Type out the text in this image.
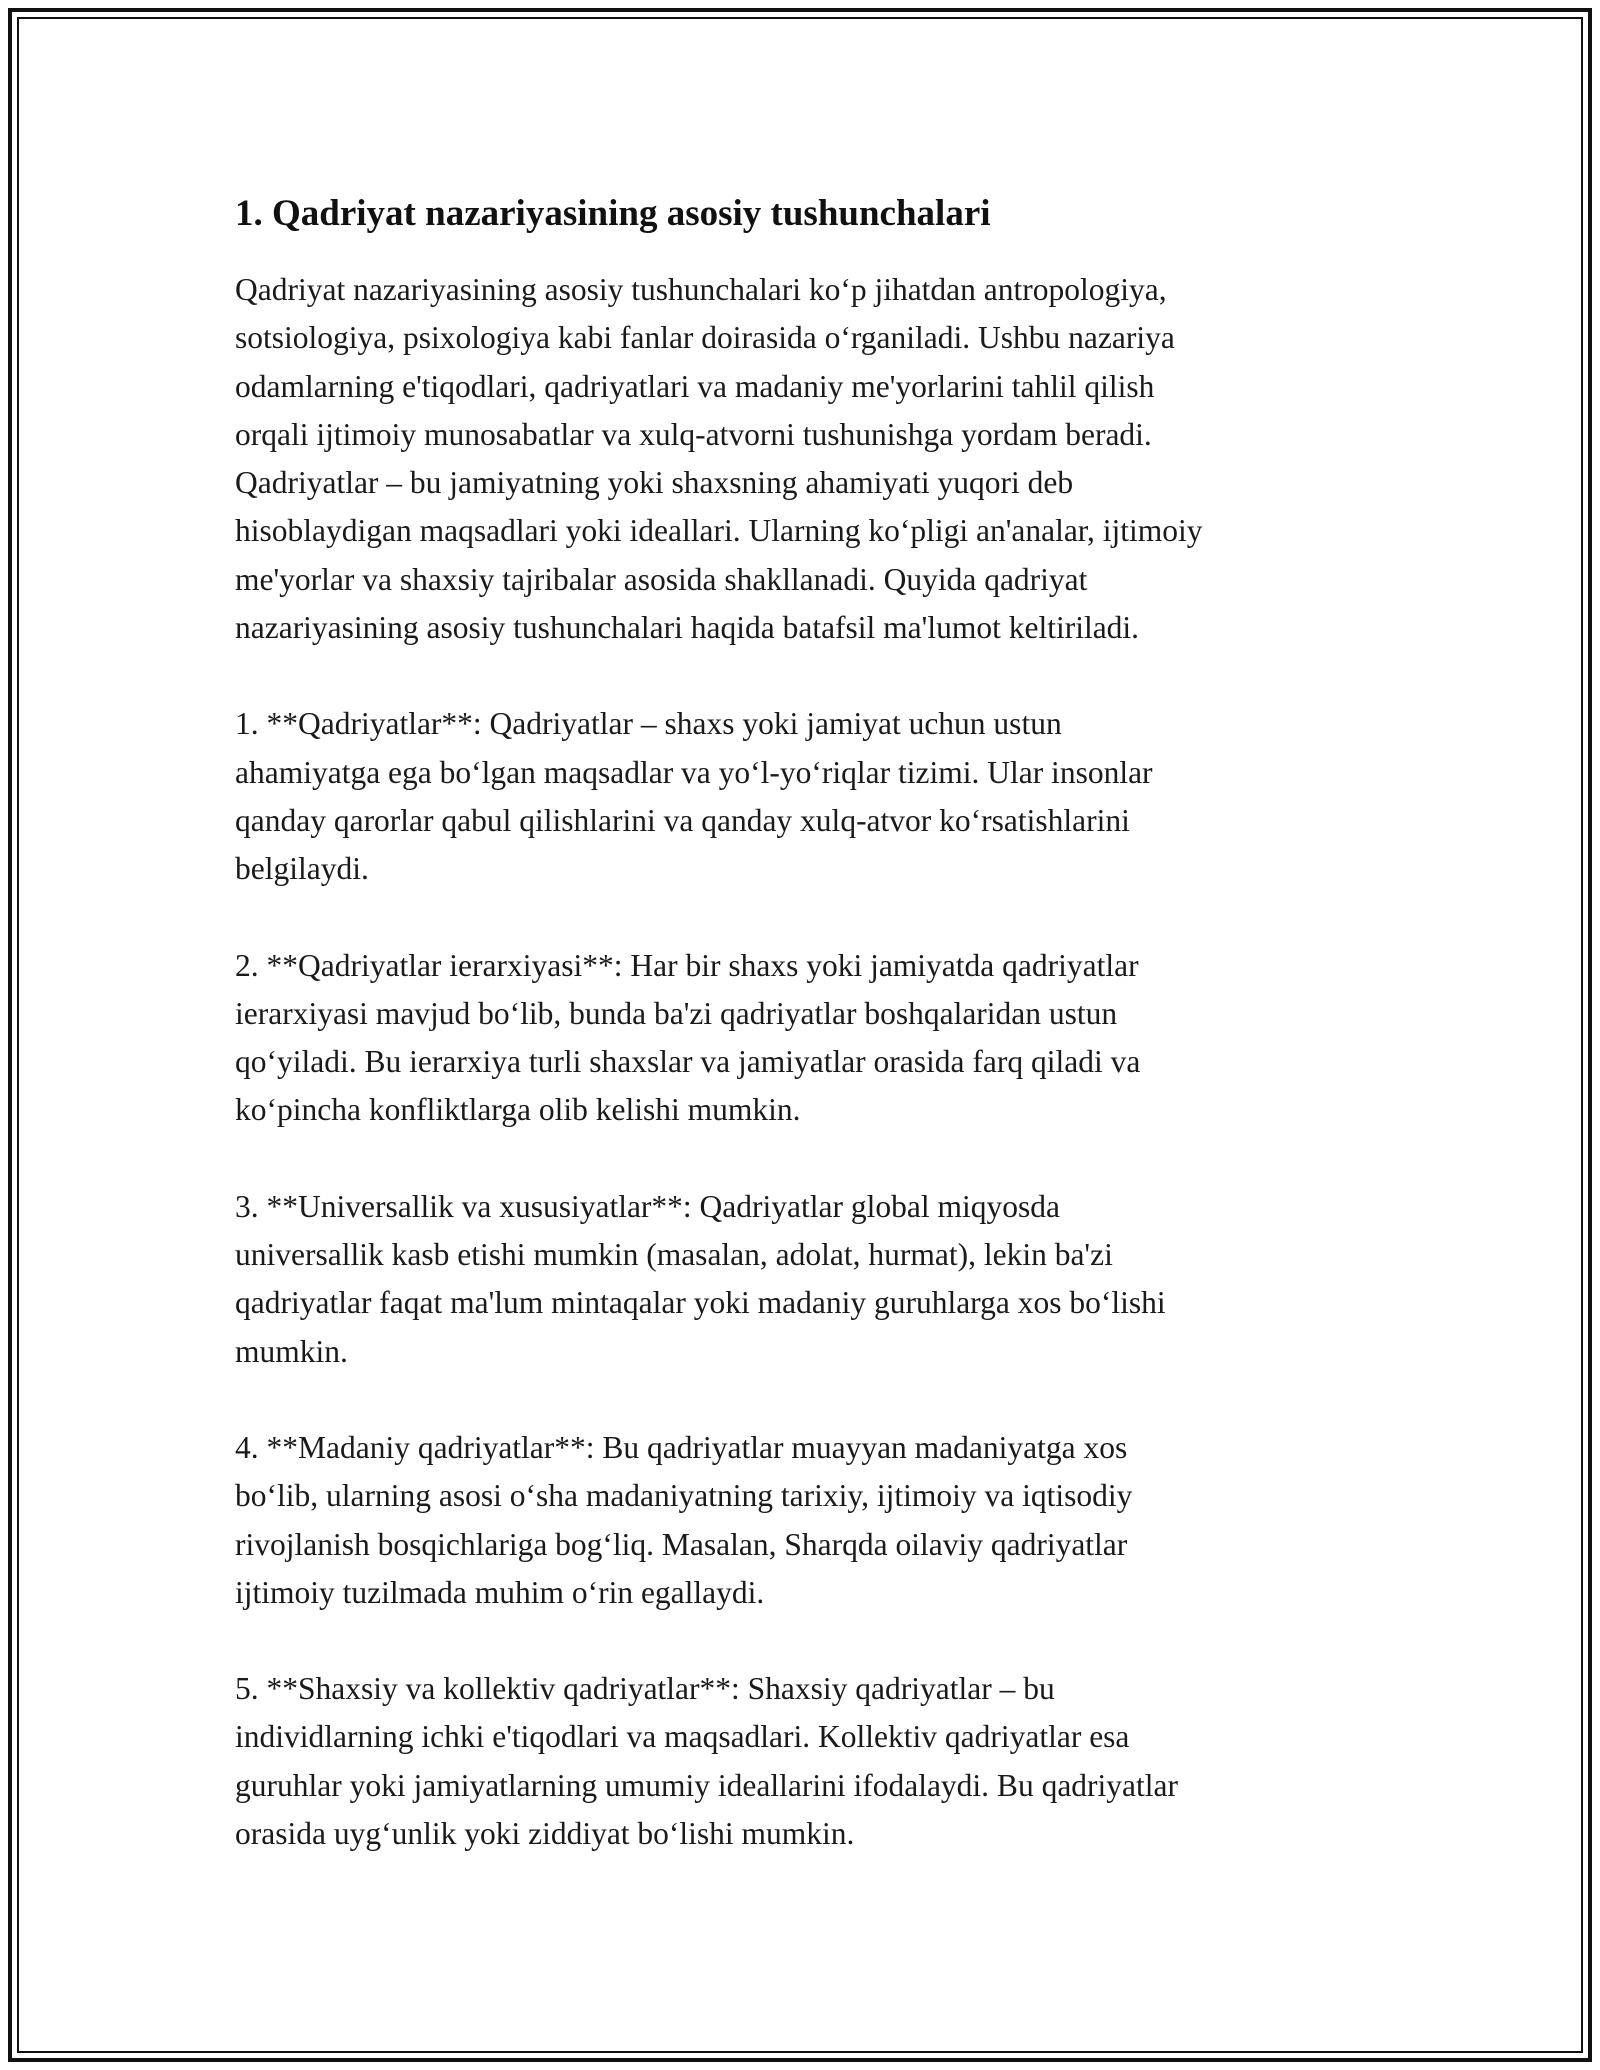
1. Qadriyat nazariyasining asosiy tushunchalari

Qadriyat nazariyasining asosiy tushunchalari ko‘p jihatdan antropologiya,
sotsiologiya, psixologiya kabi fanlar doirasida o‘rganiladi. Ushbu nazariya
odamlarning e'tiqodlari, qadriyatlari va madaniy me'yorlarini tahlil qilish
orqali ijtimoiy munosabatlar va xulq-atvorni tushunishga yordam beradi.
Qadriyatlar – bu jamiyatning yoki shaxsning ahamiyati yuqori deb
hisoblaydigan maqsadlari yoki ideallari. Ularning ko‘pligi an'analar, ijtimoiy
me'yorlar va shaxsiy tajribalar asosida shakllanadi. Quyida qadriyat
nazariyasining asosiy tushunchalari haqida batafsil ma'lumot keltiriladi.

1. **Qadriyatlar**: Qadriyatlar – shaxs yoki jamiyat uchun ustun
ahamiyatga ega bo‘lgan maqsadlar va yo‘l-yo‘riqlar tizimi. Ular insonlar
qanday qarorlar qabul qilishlarini va qanday xulq-atvor ko‘rsatishlarini
belgilaydi.

2. **Qadriyatlar ierarxiyasi**: Har bir shaxs yoki jamiyatda qadriyatlar
ierarxiyasi mavjud bo‘lib, bunda ba'zi qadriyatlar boshqalaridan ustun
qo‘yiladi. Bu ierarxiya turli shaxslar va jamiyatlar orasida farq qiladi va
ko‘pincha konfliktlarga olib kelishi mumkin.

3. **Universallik va xususiyatlar**: Qadriyatlar global miqyosda
universallik kasb etishi mumkin (masalan, adolat, hurmat), lekin ba'zi
qadriyatlar faqat ma'lum mintaqalar yoki madaniy guruhlarga xos bo‘lishi
mumkin.

4. **Madaniy qadriyatlar**: Bu qadriyatlar muayyan madaniyatga xos
bo‘lib, ularning asosi o‘sha madaniyatning tarixiy, ijtimoiy va iqtisodiy
rivojlanish bosqichlariga bog‘liq. Masalan, Sharqda oilaviy qadriyatlar
ijtimoiy tuzilmada muhim o‘rin egallaydi.

5. **Shaxsiy va kollektiv qadriyatlar**: Shaxsiy qadriyatlar – bu
individlarning ichki e'tiqodlari va maqsadlari. Kollektiv qadriyatlar esa
guruhlar yoki jamiyatlarning umumiy ideallarini ifodalaydi. Bu qadriyatlar
orasida uyg‘unlik yoki ziddiyat bo‘lishi mumkin.
